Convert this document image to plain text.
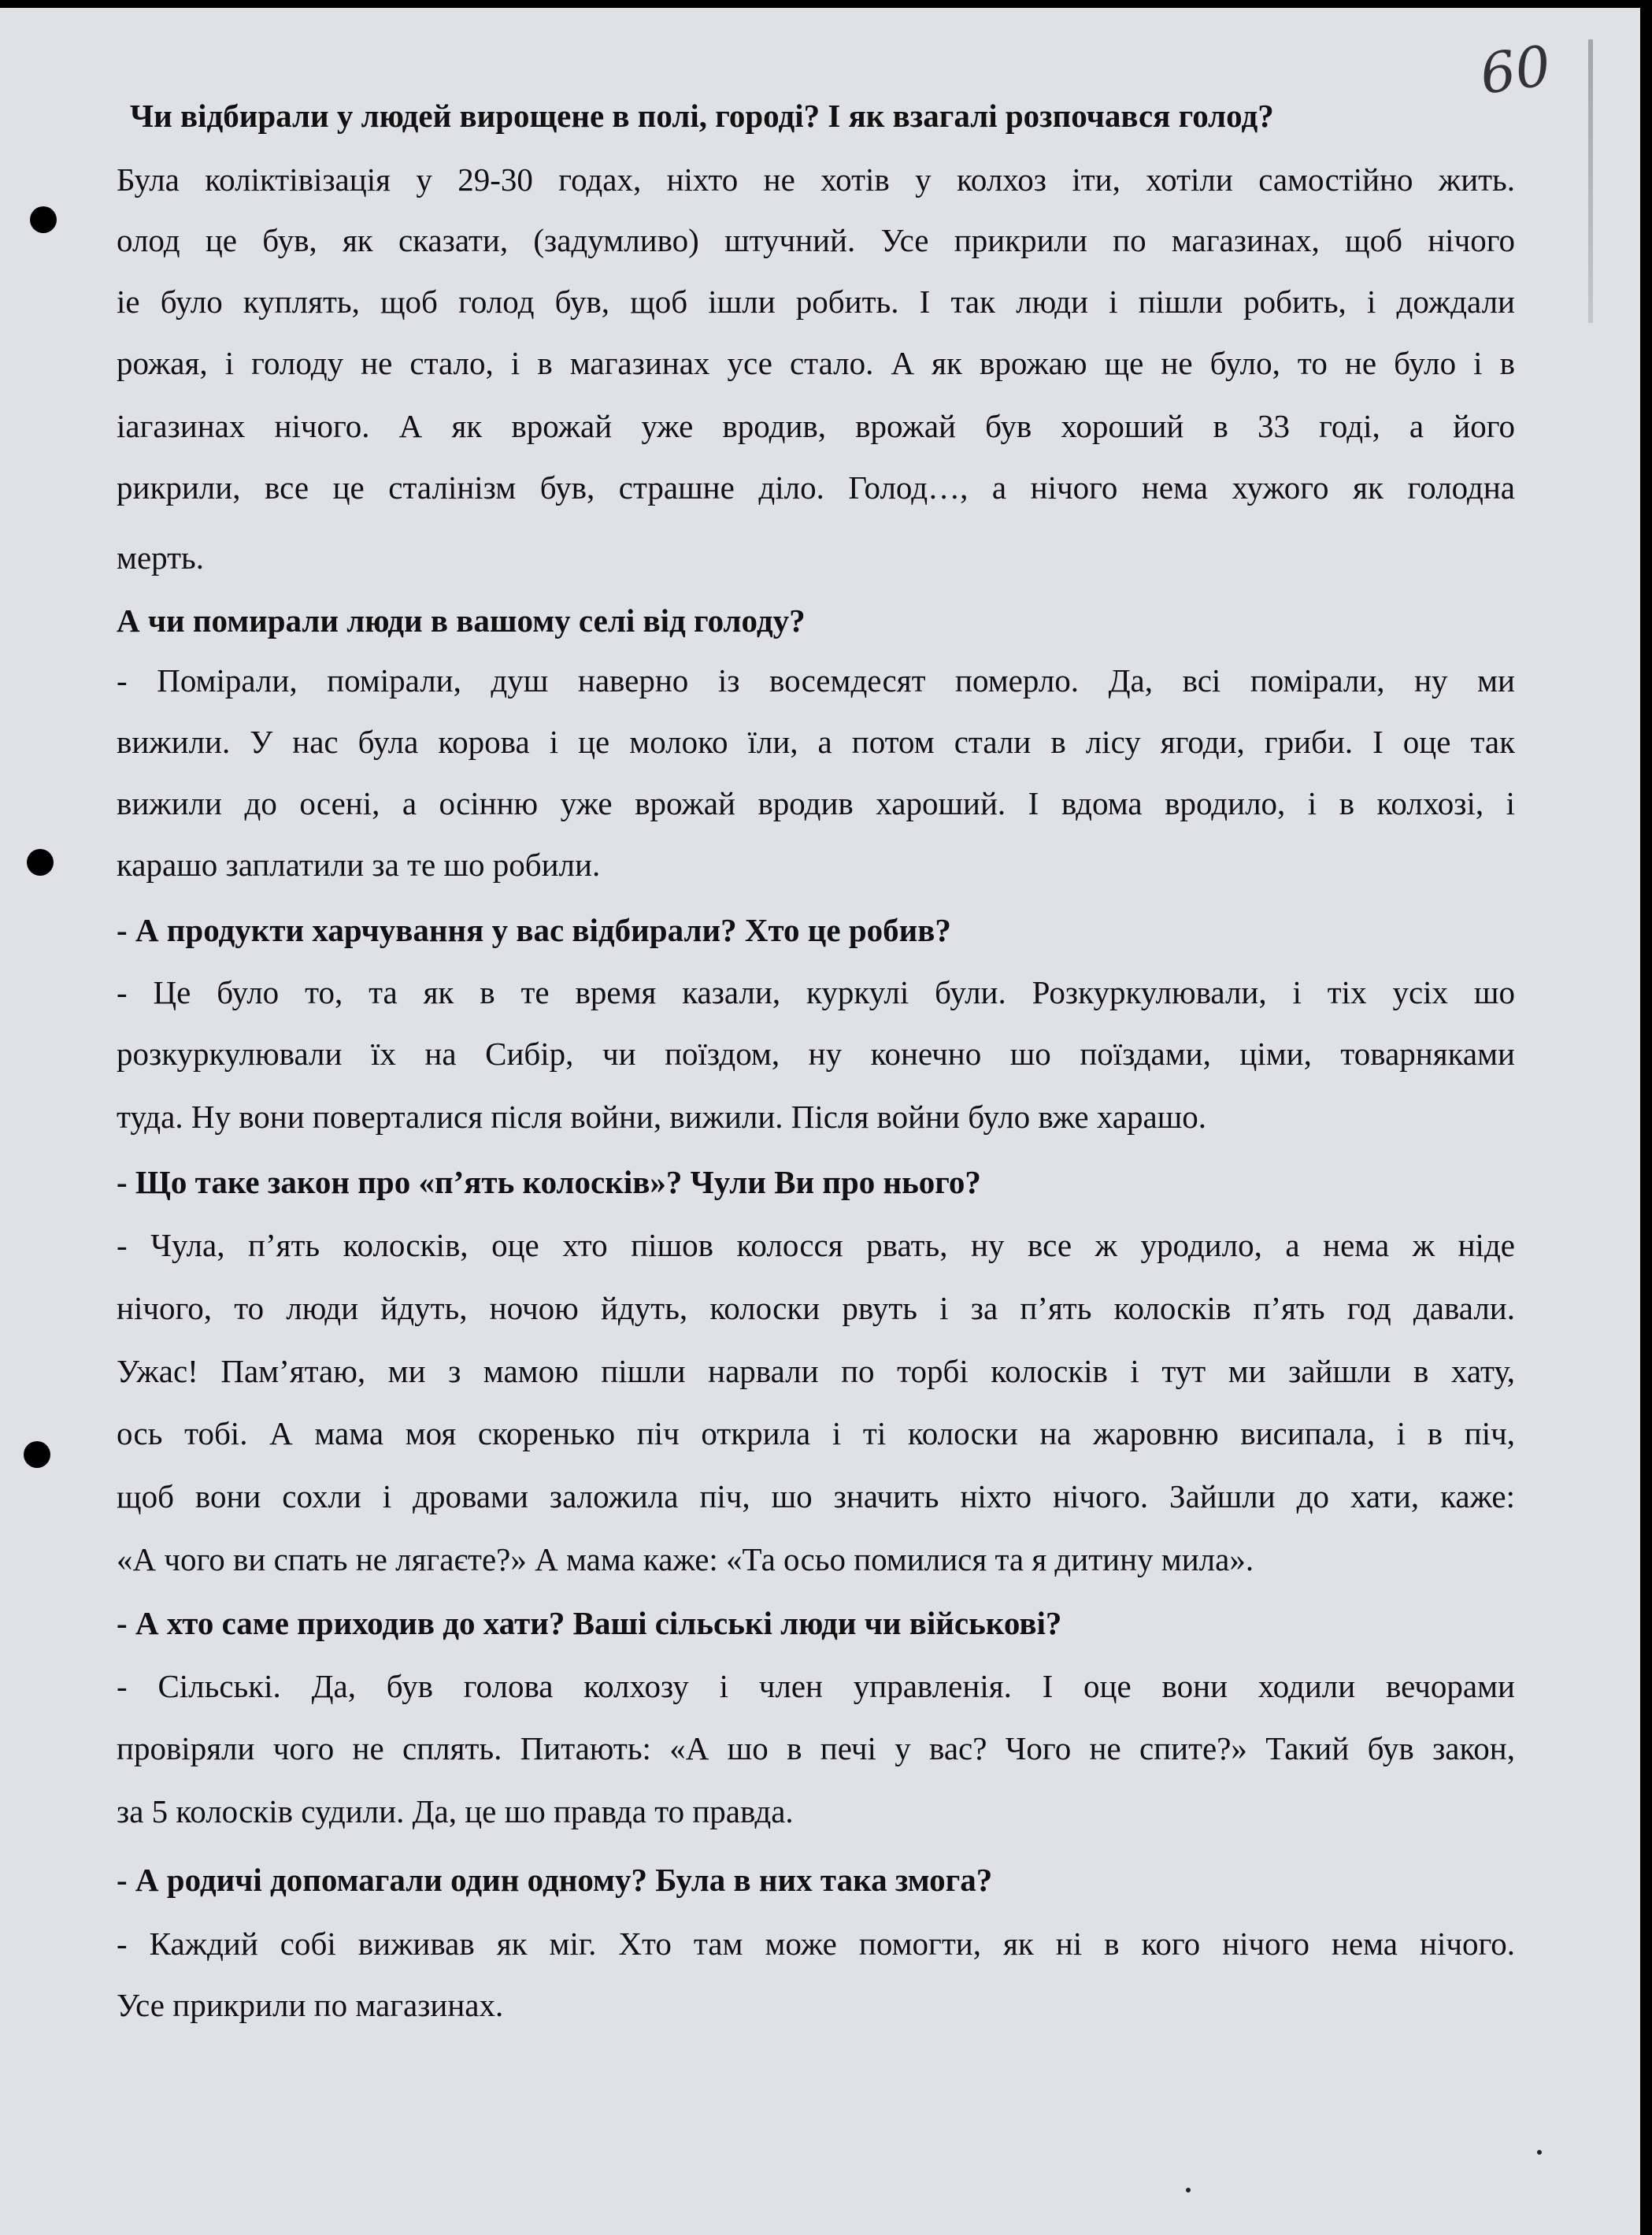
60
Чи відбирали у людей вирощене в полі, городі? І як взагалі розпочався голод?
Була коліктівізація у 29-30 годах, ніхто не хотів у колхоз іти, хотіли самостійно жить.
олод це був, як сказати, (задумливо) штучний. Усе прикрили по магазинах, щоб нічого
іе було куплять, щоб голод був, щоб ішли робить. І так люди і пішли робить, і дождали
рожая, і голоду не стало, і в магазинах усе стало. А як врожаю ще не було, то не було і в
іагазинах нічого. А як врожай уже вродив, врожай був хороший в 33 годі, а його
рикрили, все це сталінізм був, страшне діло. Голод…, а нічого нема хужого як голодна
мерть.
А чи помирали люди в вашому селі від голоду?
- Помірали, помірали, душ наверно із восемдесят померло. Да, всі помірали, ну ми
вижили. У нас була корова і це молоко їли, а потом стали в лісу ягоди, гриби. І оце так
вижили до осені, а осінню уже врожай вродив хароший. І вдома вродило, і в колхозі, і
карашо заплатили за те шо робили.
- А продукти харчування у вас відбирали? Хто це робив?
- Це було то, та як в те время казали, куркулі були. Розкуркулювали, і тіх усіх шо
розкуркулювали їх на Сибір, чи поїздом, ну конечно шо поїздами, ціми, товарняками
туда. Ну вони поверталися після войни, вижили. Після войни було вже харашо.
- Що таке закон про «п’ять колосків»? Чули Ви про нього?
- Чула, п’ять колосків, оце хто пішов колосся рвать, ну все ж уродило, а нема ж ніде
нічого, то люди йдуть, ночою йдуть, колоски рвуть і за п’ять колосків п’ять год давали.
Ужас! Пам’ятаю, ми з мамою пішли нарвали по торбі колосків і тут ми зайшли в хату,
ось тобі. А мама моя скоренько піч открила і ті колоски на жаровню висипала, і в піч,
щоб вони сохли і дровами заложила піч, шо значить ніхто нічого. Зайшли до хати, каже:
«А чого ви спать не лягаєте?» А мама каже: «Та осьо помилися та я дитину мила».
- А хто саме приходив до хати? Ваші сільські люди чи військові?
- Сільські. Да, був голова колхозу і член управленія. І оце вони ходили вечорами
провіряли чого не сплять. Питають: «А шо в печі у вас? Чого не спите?» Такий був закон,
за 5 колосків судили. Да, це шо правда то правда.
- А родичі допомагали один одному? Була в них така змога?
- Каждий собі виживав як міг. Хто там може помогти, як ні в кого нічого нема нічого.
Усе прикрили по магазинах.
